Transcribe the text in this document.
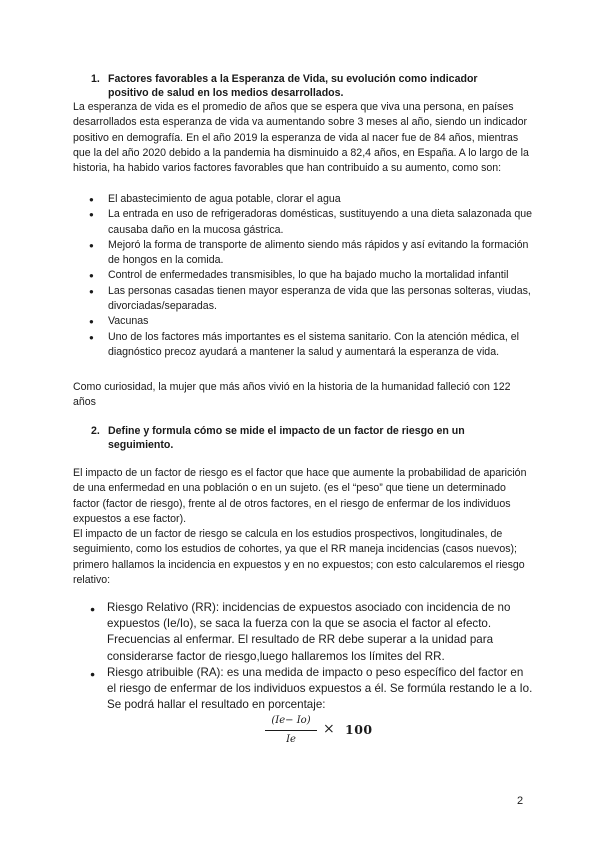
1. Factores favorables a la Esperanza de Vida, su evolución como indicador positivo de salud en los medios desarrollados.
La esperanza de vida es el promedio de años que se espera que viva una persona, en países desarrollados esta esperanza de vida va aumentando sobre 3 meses al año, siendo un indicador positivo en demografía. En el año 2019 la esperanza de vida al nacer fue de 84 años, mientras que la del año 2020 debido a la pandemia ha disminuido a 82,4 años, en España. A lo largo de la historia, ha habido varios factores favorables que han contribuido a su aumento, como son:
● El abastecimiento de agua potable, clorar el agua
● La entrada en uso de refrigeradoras domésticas, sustituyendo a una dieta salazonada que causaba daño en la mucosa gástrica.
● Mejoró la forma de transporte de alimento siendo más rápidos y así evitando la formación de hongos en la comida.
● Control de enfermedades transmisibles, lo que ha bajado mucho la mortalidad infantil
● Las personas casadas tienen mayor esperanza de vida que las personas solteras, viudas, divorciadas/separadas.
● Vacunas
● Uno de los factores más importantes es el sistema sanitario. Con la atención médica, el diagnóstico precoz ayudará a mantener la salud y aumentará la esperanza de vida.
Como curiosidad, la mujer que más años vivió en la historia de la humanidad falleció con 122 años
2. Define y formula cómo se mide el impacto de un factor de riesgo en un seguimiento.
El impacto de un factor de riesgo es el factor que hace que aumente la probabilidad de aparición de una enfermedad en una población o en un sujeto. (es el “peso” que tiene un determinado factor (factor de riesgo), frente al de otros factores, en el riesgo de enfermar de los individuos expuestos a ese factor).
El impacto de un factor de riesgo se calcula en los estudios prospectivos, longitudinales, de seguimiento, como los estudios de cohortes, ya que el RR maneja incidencias (casos nuevos); primero hallamos la incidencia en expuestos y en no expuestos; con esto calcularemos el riesgo relativo:
● Riesgo Relativo (RR): incidencias de expuestos asociado con incidencia de no expuestos (Ie/Io), se saca la fuerza con la que se asocia el factor al efecto. Frecuencias al enfermar. El resultado de RR debe superar a la unidad para considerarse factor de riesgo,luego hallaremos los límites del RR.
● Riesgo atribuible (RA): es una medida de impacto o peso específico del factor en el riesgo de enfermar de los individuos expuestos a él. Se formúla restando le a Io. Se podrá hallar el resultado en porcentaje:
(Ie− Io)
Ie
× 100
2
